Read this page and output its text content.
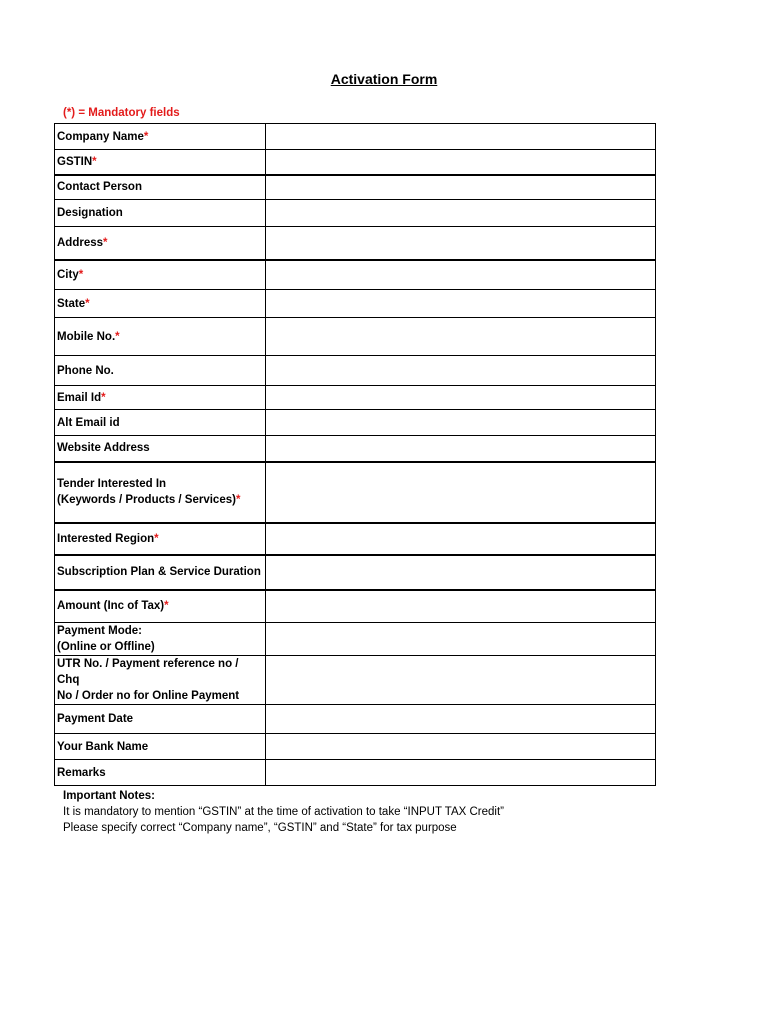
Activation Form
(*) = Mandatory fields
Company Name*	
GSTIN*	
Contact Person	
Designation	
Address*	
City*	
State*	
Mobile No.*	
Phone No.	
Email Id*	
Alt Email id	
Website Address	
Tender Interested In
(Keywords / Products / Services)*	
Interested Region*	
Subscription Plan & Service Duration	
Amount (Inc of Tax)*	
Payment Mode:
(Online or Offline)	
UTR No. / Payment reference no / Chq
No / Order no for Online Payment	
Payment Date	
Your Bank Name	
Remarks	
Important Notes:
It is mandatory to mention “GSTIN” at the time of activation to take “INPUT TAX Credit”
Please specify correct “Company name”, “GSTIN” and “State” for tax purpose
